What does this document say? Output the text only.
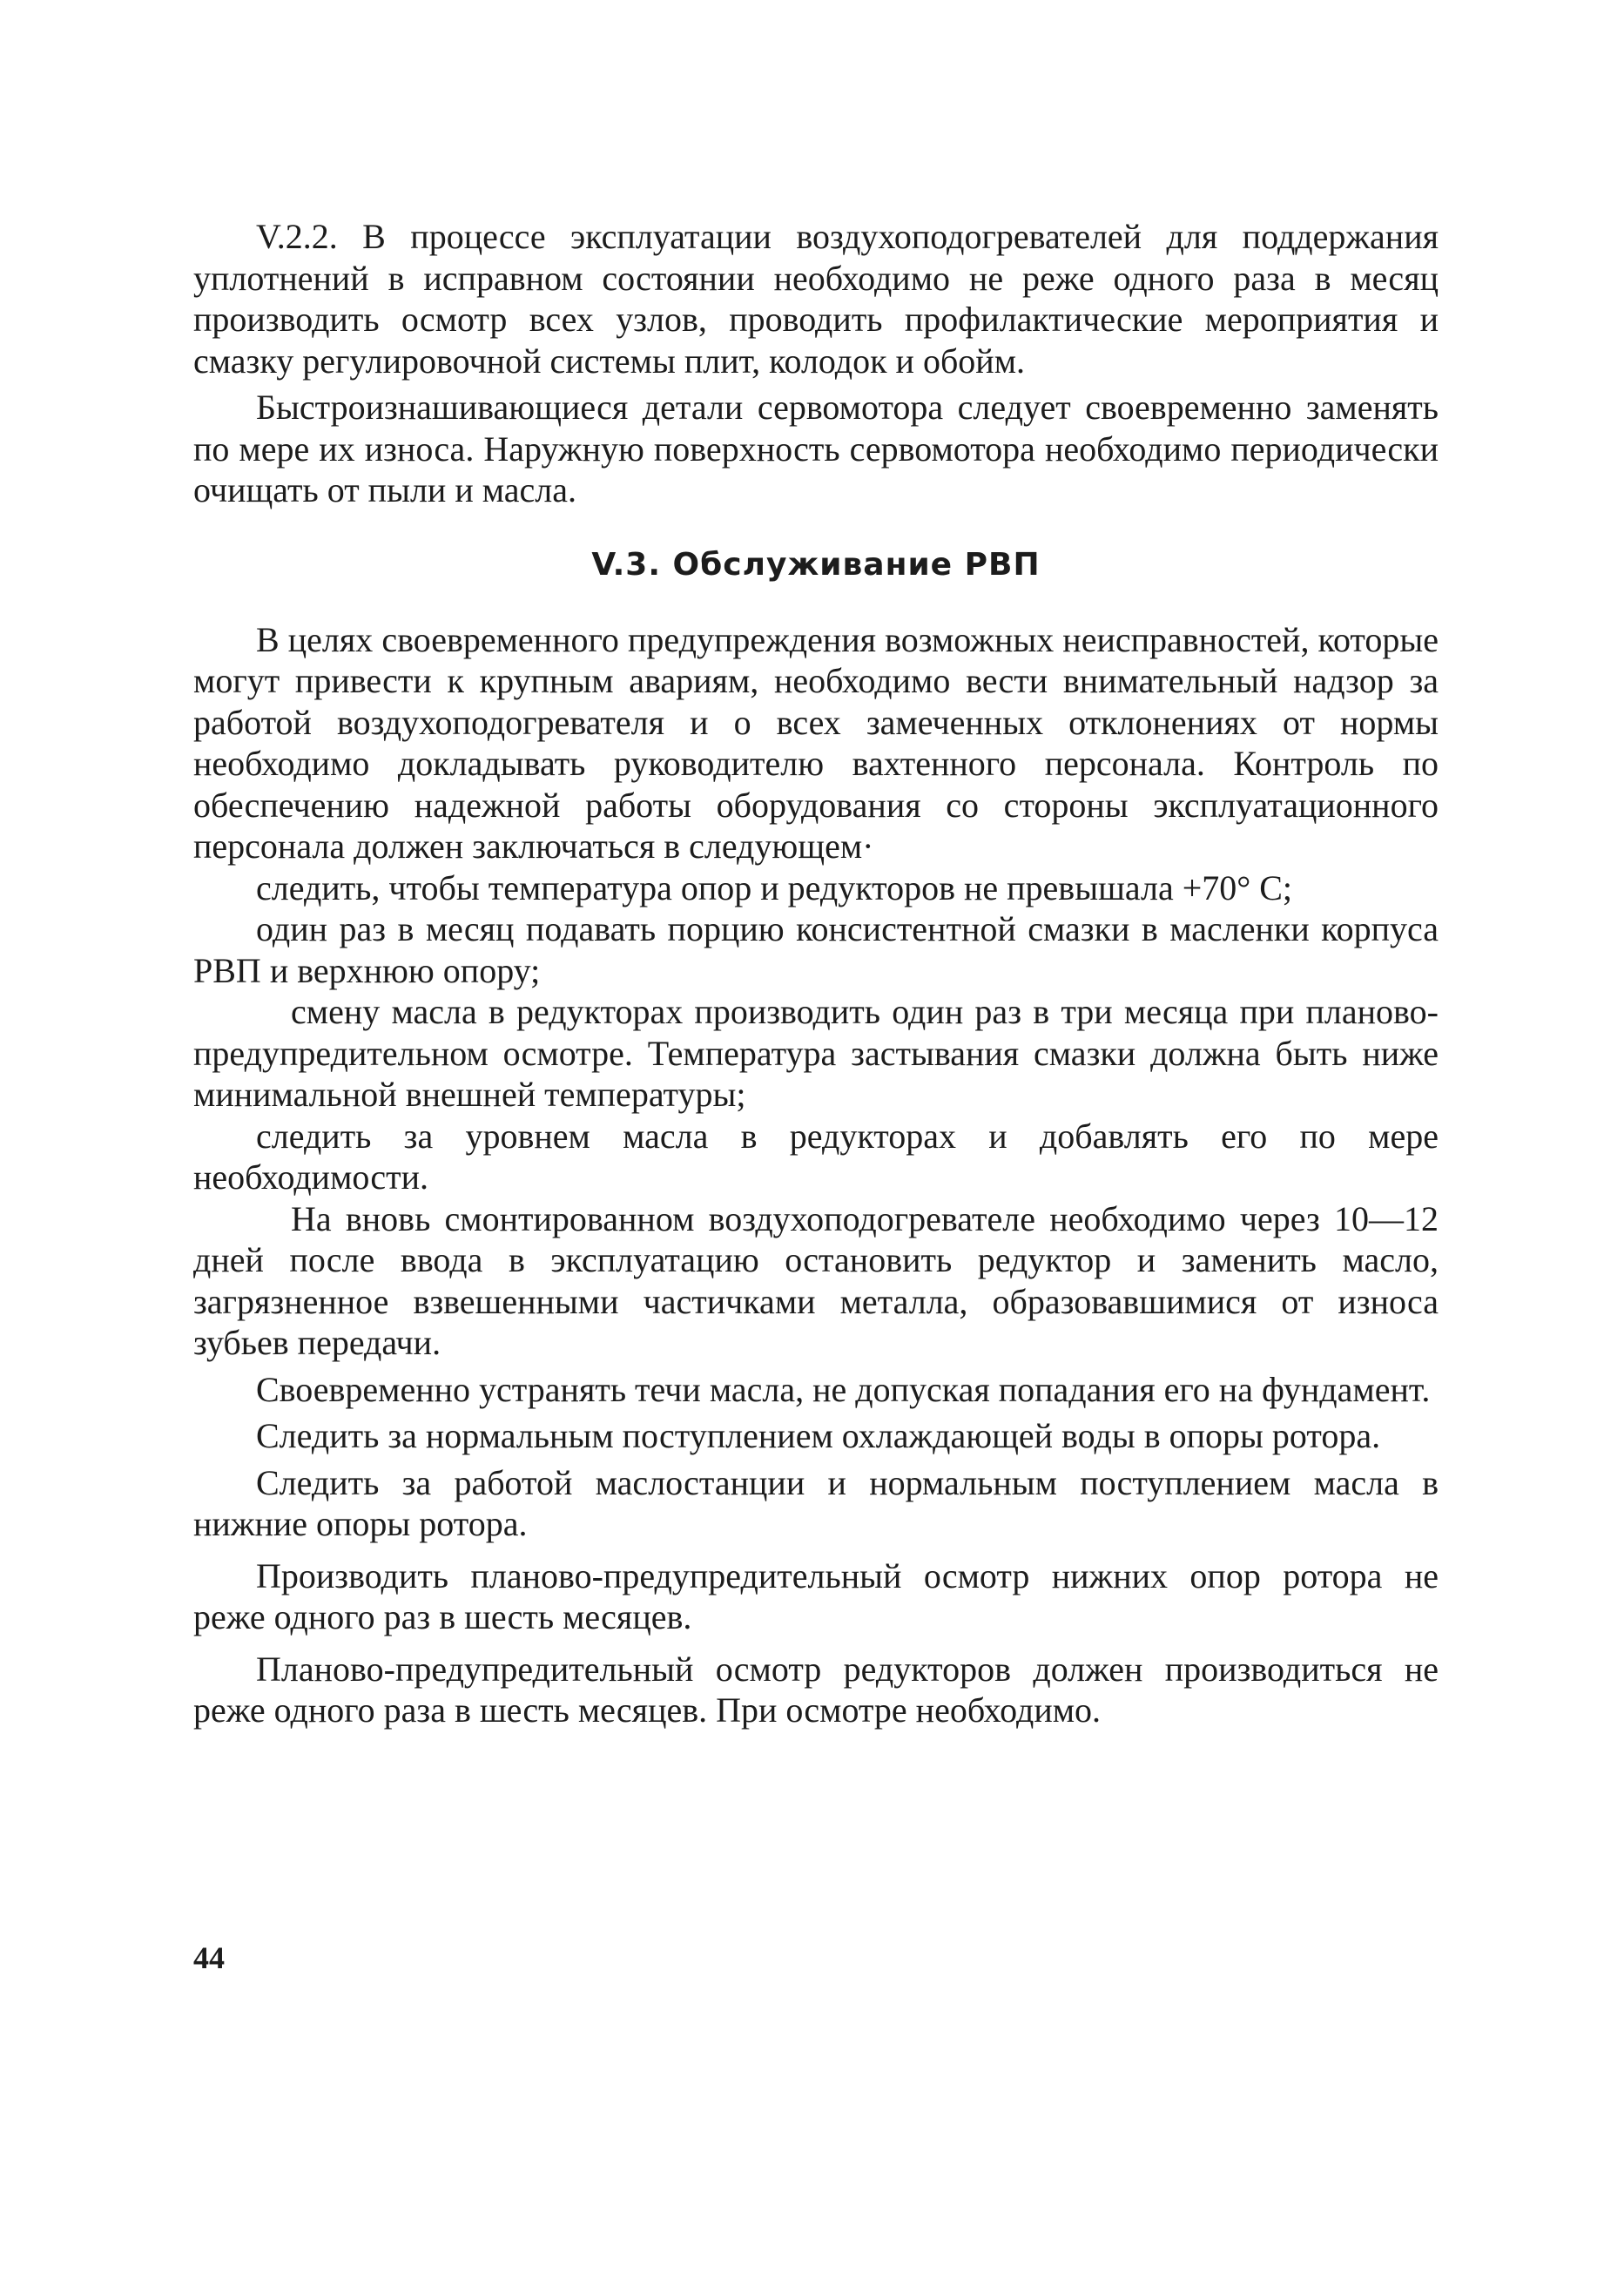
V.2.2. В процессе эксплуатации воздухоподогревателей для поддержания уплотнений в исправном состоянии необходимо не реже одного раза в месяц производить осмотр всех узлов, проводить профилактические мероприятия и смазку регулировочной системы плит, колодок и обойм.

Быстроизнашивающиеся детали сервомотора следует своевременно заменять по мере их износа. Наружную поверхность сервомотора необходимо периодически очищать от пыли и масла.

V.3. Обслуживание РВП

В целях своевременного предупреждения возможных неисправностей, которые могут привести к крупным авариям, необходимо вести внимательный надзор за работой воздухоподогревателя и о всех замеченных отклонениях от нормы необходимо докладывать руководителю вахтенного персонала. Контроль по обеспечению надежной работы оборудования со стороны эксплуатационного персонала должен заключаться в следующем·

следить, чтобы температура опор и редукторов не превышала +70° С;

один раз в месяц подавать порцию консистентной смазки в масленки корпуса РВП и верхнюю опору;

смену масла в редукторах производить один раз в три месяца при планово-предупредительном осмотре. Температура застывания смазки должна быть ниже минимальной внешней температуры;

следить за уровнем масла в редукторах и добавлять его по мере необходимости.

На вновь смонтированном воздухоподогревателе необходимо через 10—12 дней после ввода в эксплуатацию остановить редуктор и заменить масло, загрязненное взвешенными частичками металла, образовавшимися от износа зубьев передачи.

Своевременно устранять течи масла, не допуская попадания его на фундамент.

Следить за нормальным поступлением охлаждающей воды в опоры ротора.

Следить за работой маслостанции и нормальным поступлением масла в нижние опоры ротора.

Производить планово-предупредительный осмотр нижних опор ротора не реже одного раз в шесть месяцев.

Планово-предупредительный осмотр редукторов должен производиться не реже одного раза в шесть месяцев. При осмотре необходимо.

44
